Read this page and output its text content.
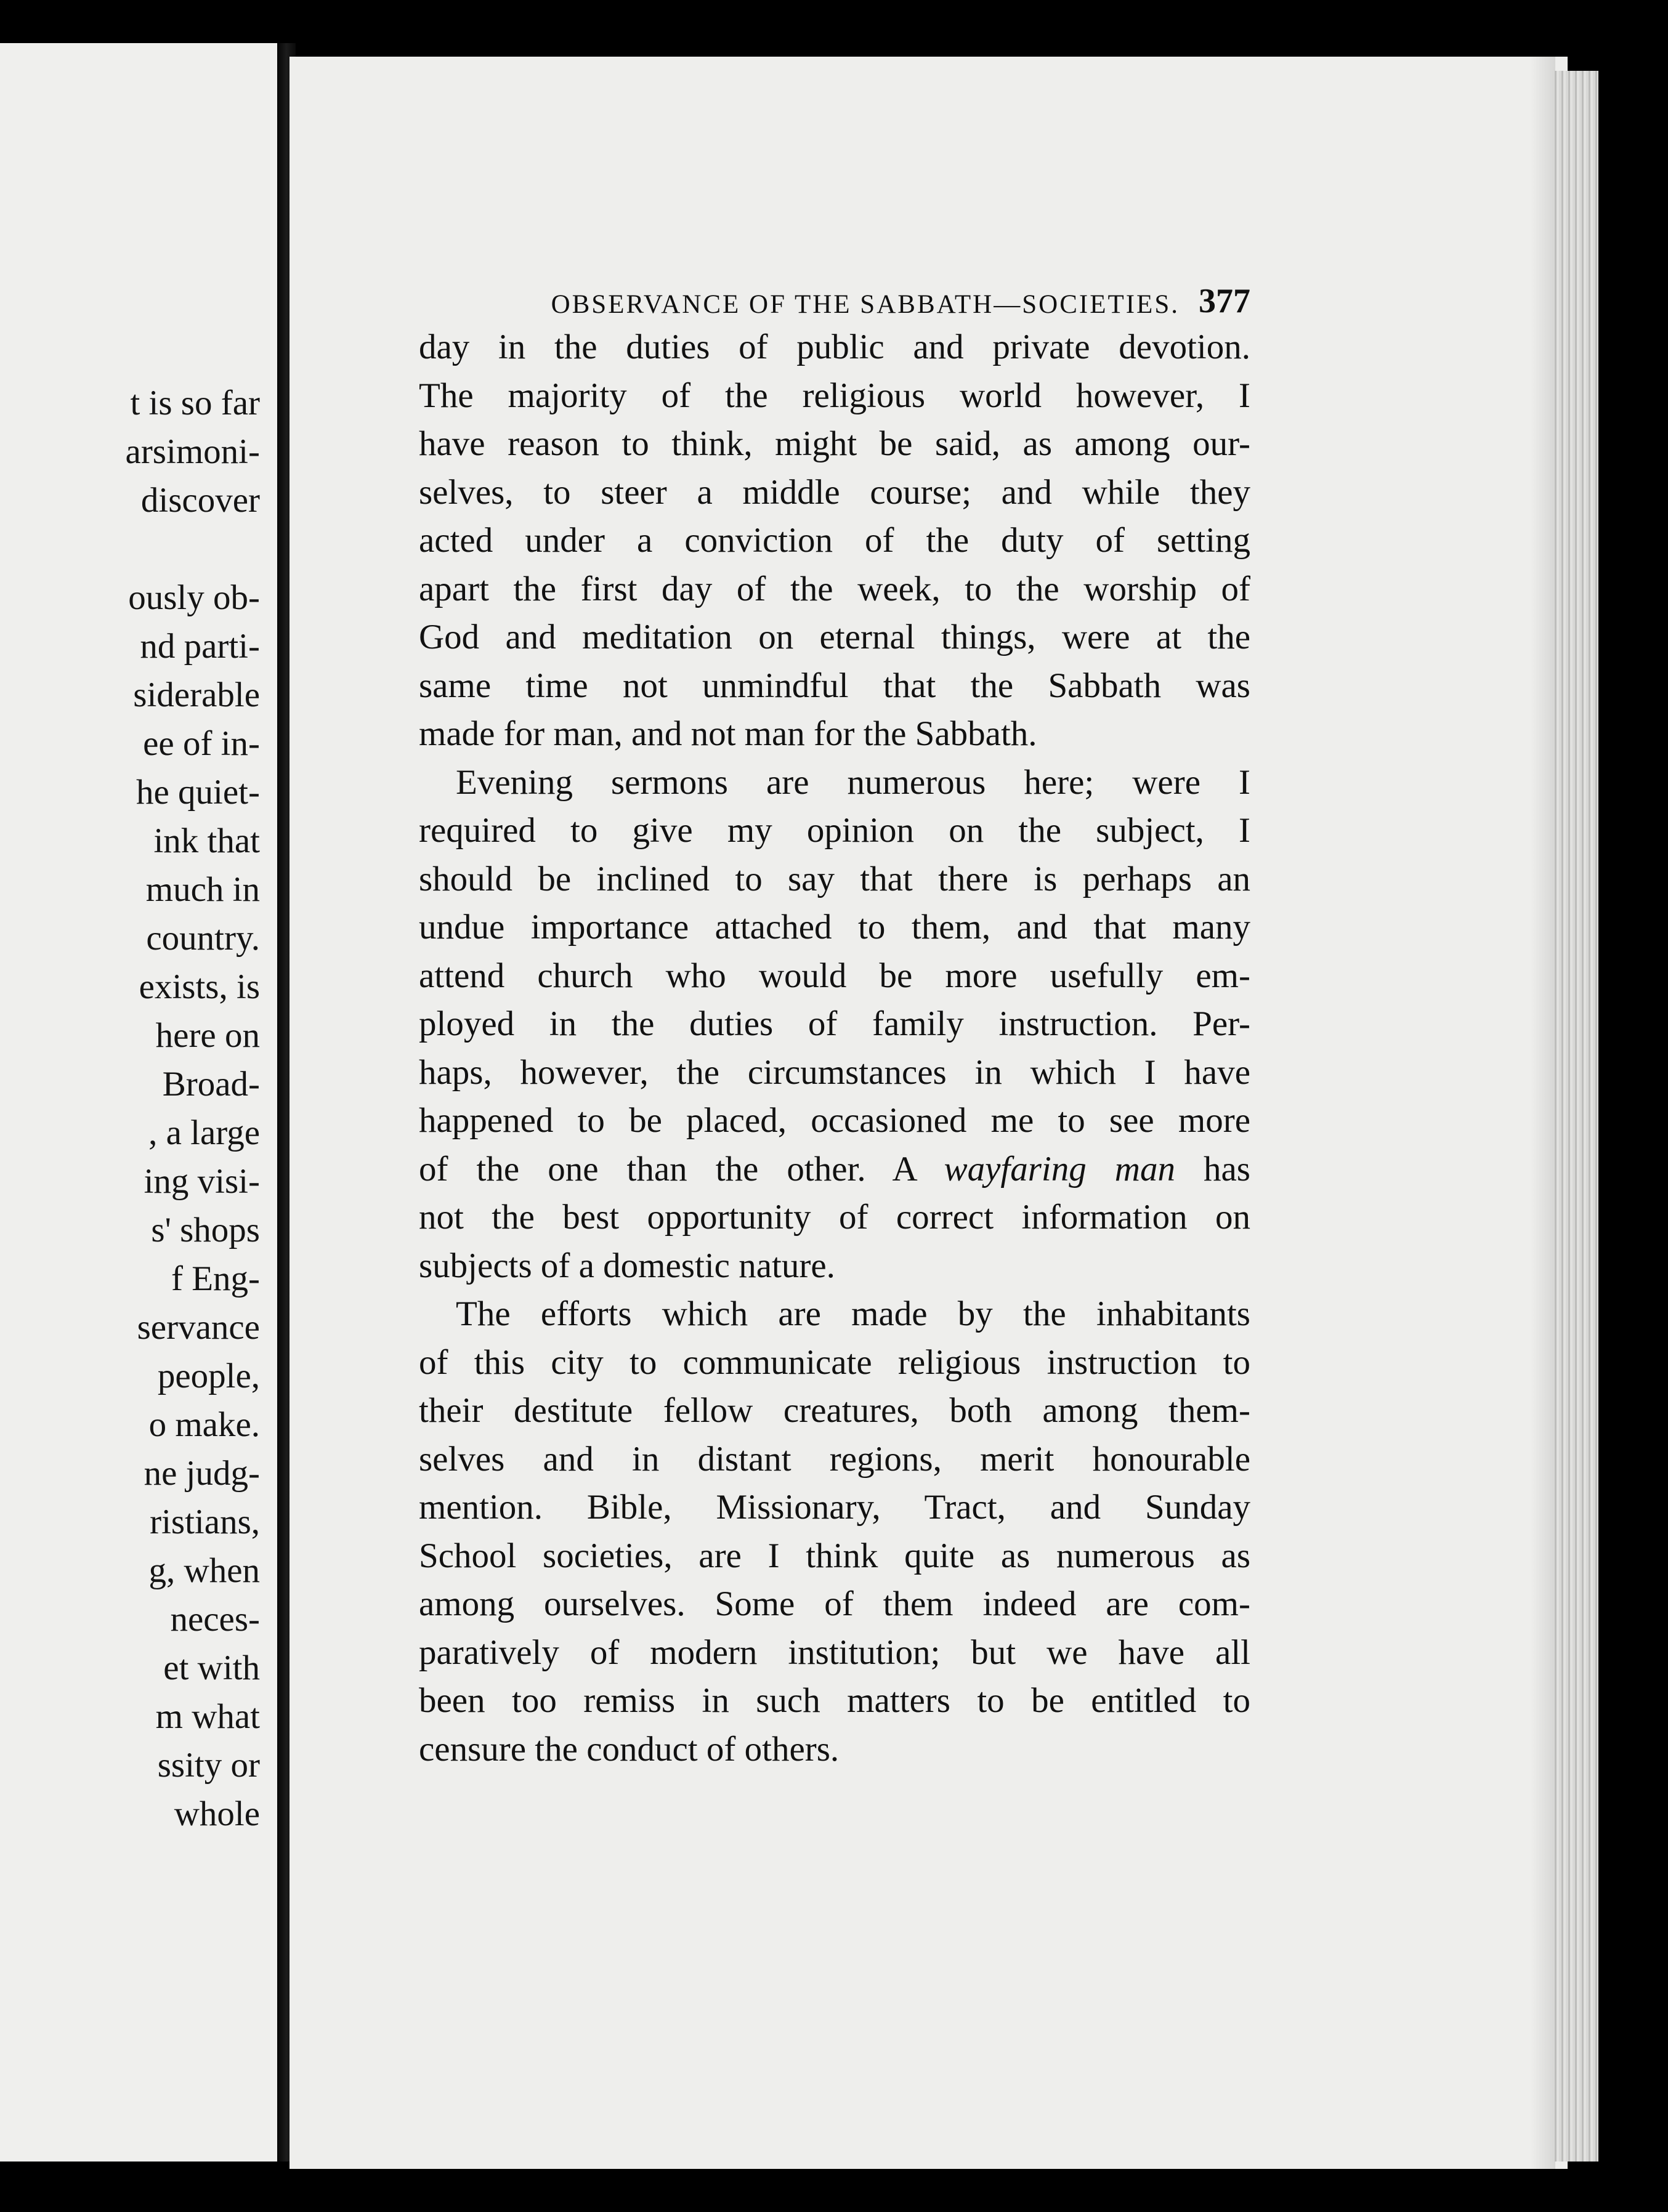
t is so far
arsimoni-
discover
ously ob-
nd parti-
siderable
ee of in-
he quiet-
ink that
much in
country.
exists, is
here on
Broad-
, a large
ing visi-
s' shops
f Eng-
servance
people,
o make.
ne judg-
ristians,
g, when
neces-
et with
m what
ssity or
whole
OBSERVANCE OF THE SABBATH—SOCIETIES. 377
day in the duties of public and private devotion.
The majority of the religious world however, I
have reason to think, might be said, as among our-
selves, to steer a middle course; and while they
acted under a conviction of the duty of setting
apart the first day of the week, to the worship of
God and meditation on eternal things, were at the
same time not unmindful that the Sabbath was
made for man, and not man for the Sabbath.
Evening sermons are numerous here; were I
required to give my opinion on the subject, I
should be inclined to say that there is perhaps an
undue importance attached to them, and that many
attend church who would be more usefully em-
ployed in the duties of family instruction. Per-
haps, however, the circumstances in which I have
happened to be placed, occasioned me to see more
of the one than the other. A wayfaring man has
not the best opportunity of correct information on
subjects of a domestic nature.
The efforts which are made by the inhabitants
of this city to communicate religious instruction to
their destitute fellow creatures, both among them-
selves and in distant regions, merit honourable
mention. Bible, Missionary, Tract, and Sunday
School societies, are I think quite as numerous as
among ourselves. Some of them indeed are com-
paratively of modern institution; but we have all
been too remiss in such matters to be entitled to
censure the conduct of others.
